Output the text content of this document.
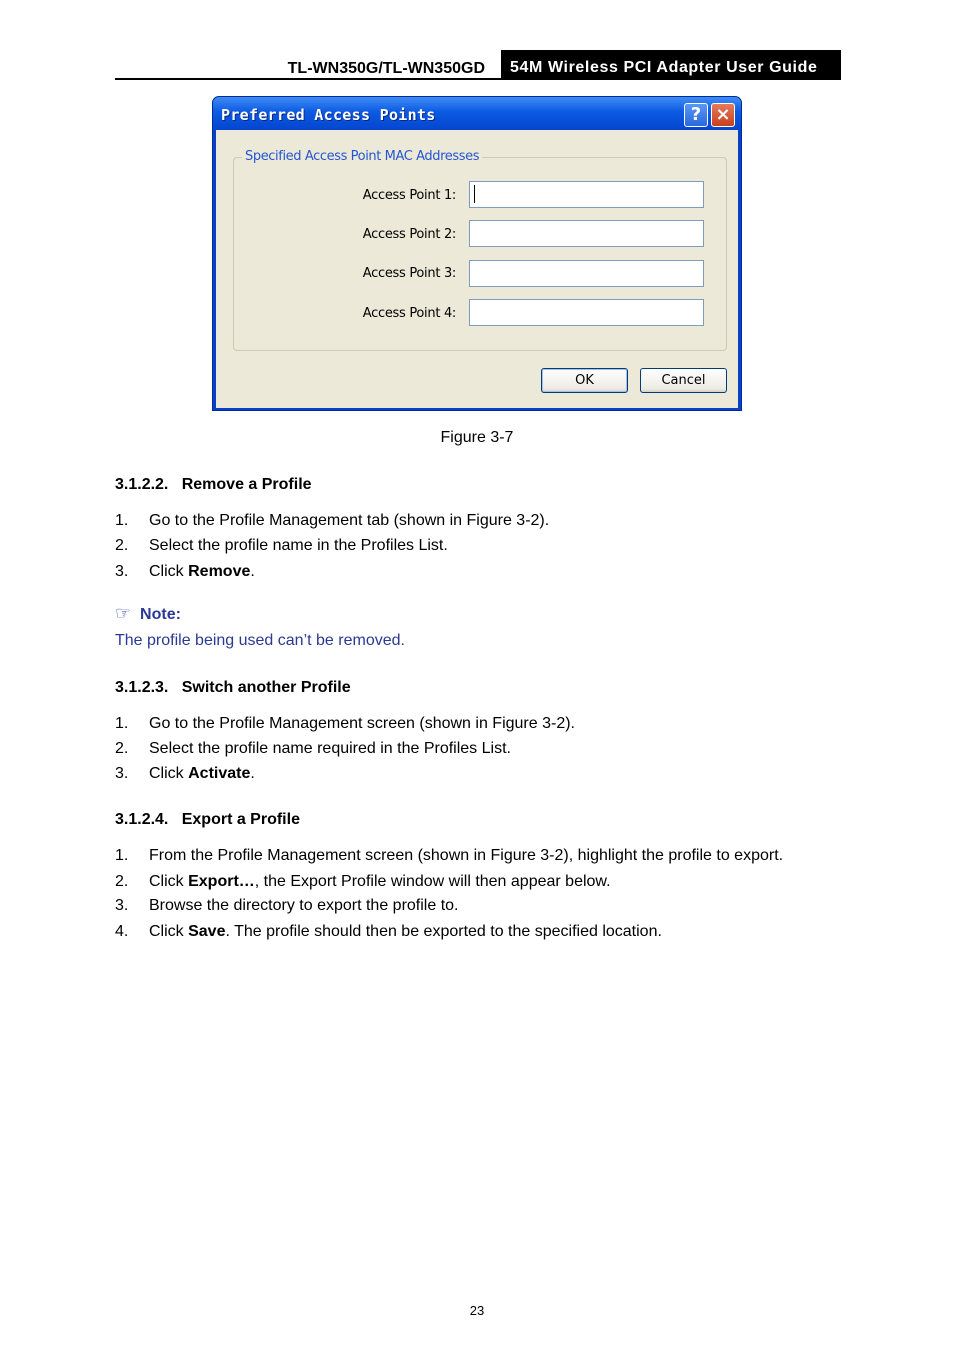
TL-WN350G/TL-WN350GD	54M Wireless PCI Adapter User Guide
Preferred Access Points	? ×
Specified Access Point MAC Addresses
Access Point 1:
Access Point 2:
Access Point 3:
Access Point 4:
OK	Cancel
Figure 3-7
3.1.2.2. Remove a Profile
1. Go to the Profile Management tab (shown in Figure 3-2).
2. Select the profile name in the Profiles List.
3. Click Remove.
☞ Note:
The profile being used can’t be removed.
3.1.2.3. Switch another Profile
1. Go to the Profile Management screen (shown in Figure 3-2).
2. Select the profile name required in the Profiles List.
3. Click Activate.
3.1.2.4. Export a Profile
1. From the Profile Management screen (shown in Figure 3-2), highlight the profile to export.
2. Click Export…, the Export Profile window will then appear below.
3. Browse the directory to export the profile to.
4. Click Save. The profile should then be exported to the specified location.
23
